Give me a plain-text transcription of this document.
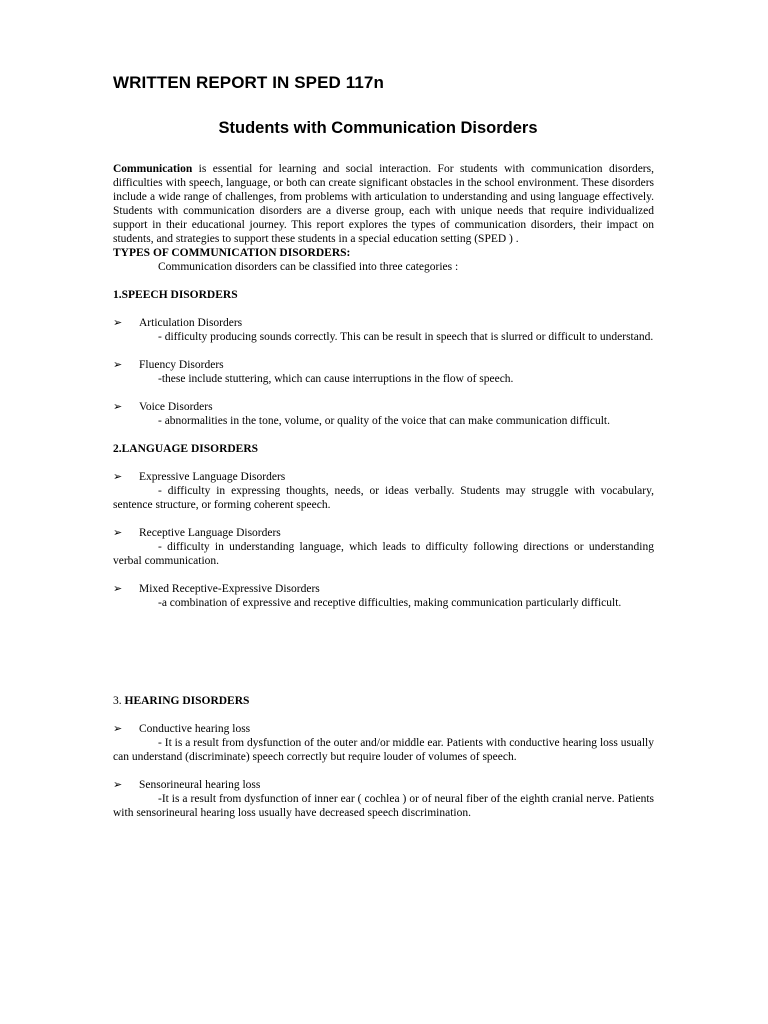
WRITTEN REPORT IN SPED 117n
Students with Communication Disorders

Communication is essential for learning and social interaction. For students with communication disorders, difficulties with speech, language, or both can create significant obstacles in the school environment. These disorders include a wide range of challenges, from problems with articulation to understanding and using language effectively. Students with communication disorders are a diverse group, each with unique needs that require individualized support in their educational journey. This report explores the types of communication disorders, their impact on students, and strategies to support these students in a special education setting (SPED ) .

TYPES OF COMMUNICATION DISORDERS:

Communication disorders can be classified into three categories :

1.SPEECH DISORDERS

➢ Articulation Disorders

- difficulty producing sounds correctly. This can be result in speech that is slurred or difficult to understand.

➢ Fluency Disorders

-these include stuttering, which can cause interruptions in the flow of speech.

➢ Voice Disorders

- abnormalities in the tone, volume, or quality of the voice that can make communication difficult.

2.LANGUAGE DISORDERS

➢ Expressive Language Disorders

- difficulty in expressing thoughts, needs, or ideas verbally. Students may struggle with vocabulary, sentence structure, or forming coherent speech.

➢ Receptive Language Disorders

- difficulty in understanding language, which leads to difficulty following directions or understanding verbal communication.

➢ Mixed Receptive-Expressive Disorders

-a combination of expressive and receptive difficulties, making communication particularly difficult.

3. HEARING DISORDERS

➢ Conductive hearing loss

- It is a result from dysfunction of the outer and/or middle ear. Patients with conductive hearing loss usually can understand (discriminate) speech correctly but require louder of volumes of speech.

➢ Sensorineural hearing loss

-It is a result from dysfunction of inner ear ( cochlea ) or of neural fiber of the eighth cranial nerve. Patients with sensorineural hearing loss usually have decreased speech discrimination.
